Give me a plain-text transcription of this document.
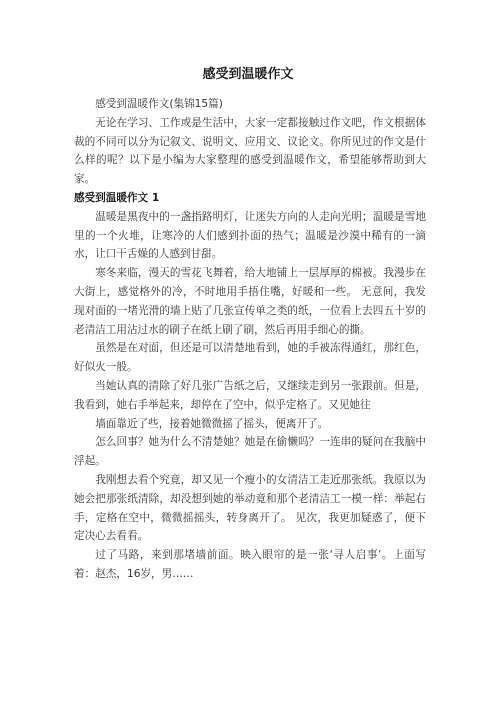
感受到温暖作文

感受到温暖作文(集锦15篇)

无论在学习、工作或是生活中，大家一定都接触过作文吧，作文根据体裁的不同可以分为记叙文、说明文、应用文、议论文。你所见过的作文是什么样的呢？以下是小编为大家整理的感受到温暖作文，希望能够帮助到大家。

感受到温暖作文 1

温暖是黑夜中的一盏指路明灯，让迷失方向的人走向光明；温暖是雪地里的一个火堆，让寒冷的人们感到扑面的热气；温暖是沙漠中稀有的一滴水，让口干舌燥的人感到甘甜。

寒冬来临，漫天的雪花飞舞着，给大地铺上一层厚厚的棉被。我漫步在大街上，感觉格外的冷，不时地用手捂住嘴，好暖和一些。 无意间，我发现对面的一堵光滑的墙上贴了几张宣传单之类的纸，一位看上去四五十岁的老清洁工用沾过水的刷子在纸上刷了刷，然后再用手细心的撕。

虽然是在对面，但还是可以清楚地看到，她的手被冻得通红，那红色，好似火一般。

当她认真的清除了好几张广告纸之后，又继续走到另一张跟前。但是，我看到，她右手举起来，却停在了空中，似乎定格了。又见她往

墙面靠近了些，接着她微微摇了摇头，便离开了。

怎么回事？她为什么不清楚她？她是在偷懒吗？一连串的疑问在我脑中浮起。

我刚想去看个究竟，却又见一个瘦小的女清洁工走近那张纸。我原以为她会把那张纸清除，却没想到她的举动竟和那个老清洁工一模一样：举起右手，定格在空中，微微摇摇头，转身离开了。 见次，我更加疑惑了，便下定决心去看看。

过了马路，来到那堵墙前面。映入眼帘的是一张‘寻人启事’。上面写着：赵杰，16岁，男……
